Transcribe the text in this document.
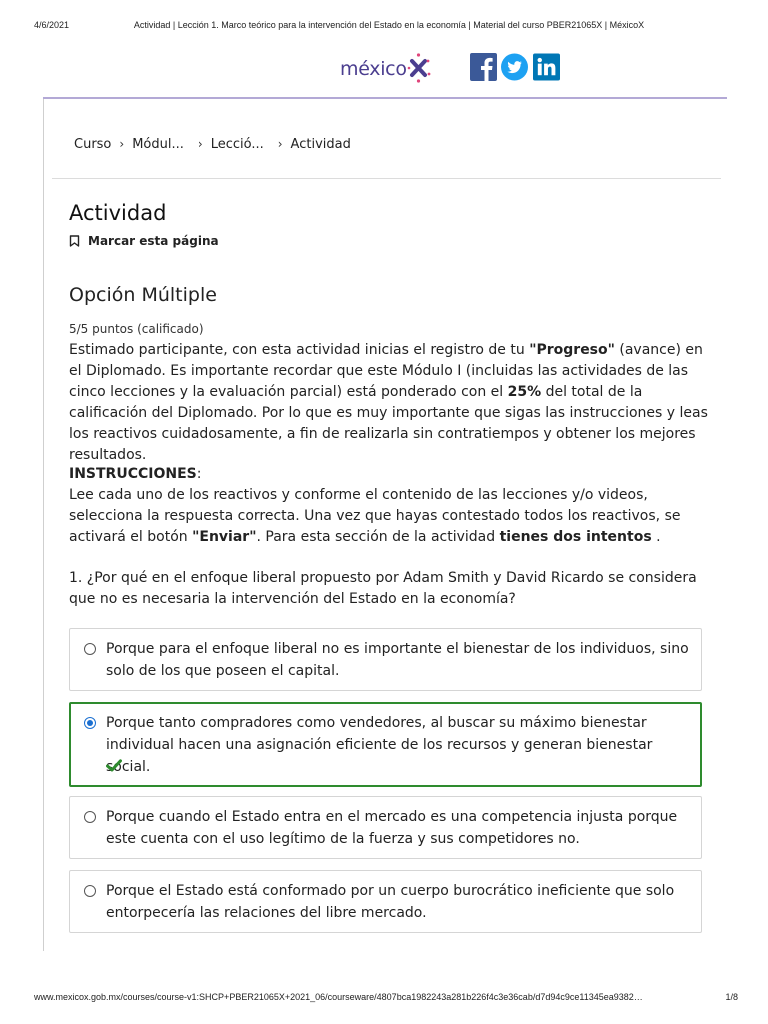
4/6/2021	Actividad | Lección 1. Marco teórico para la intervención del Estado en la economía | Material del curso PBER21065X | MéxicoX
méxico
Curso › Módul... › Lecció... › Actividad
Actividad
Marcar esta página
Opción Múltiple
5/5 puntos (calificado)

Estimado participante, con esta actividad inicias el registro de tu "Progreso" (avance) en el Diplomado. Es importante recordar que este Módulo I (incluidas las actividades de las cinco lecciones y la evaluación parcial) está ponderado con el 25% del total de la calificación del Diplomado. Por lo que es muy importante que sigas las instrucciones y leas los reactivos cuidadosamente, a fin de realizarla sin contratiempos y obtener los mejores resultados.

INSTRUCCIONES:

Lee cada uno de los reactivos y conforme el contenido de las lecciones y/o videos, selecciona la respuesta correcta. Una vez que hayas contestado todos los reactivos, se activará el botón "Enviar". Para esta sección de la actividad tienes dos intentos .

1. ¿Por qué en el enfoque liberal propuesto por Adam Smith y David Ricardo se considera que no es necesaria la intervención del Estado en la economía?

Porque para el enfoque liberal no es importante el bienestar de los individuos, sino solo de los que poseen el capital.
Porque tanto compradores como vendedores, al buscar su máximo bienestar individual hacen una asignación eficiente de los recursos y generan bienestar social.
Porque cuando el Estado entra en el mercado es una competencia injusta porque este cuenta con el uso legítimo de la fuerza y sus competidores no.
Porque el Estado está conformado por un cuerpo burocrático ineficiente que solo entorpecería las relaciones del libre mercado.
www.mexicox.gob.mx/courses/course-v1:SHCP+PBER21065X+2021_06/courseware/4807bca1982243a281b226f4c3e36cab/d7d94c9ce11345ea9382…	1/8
